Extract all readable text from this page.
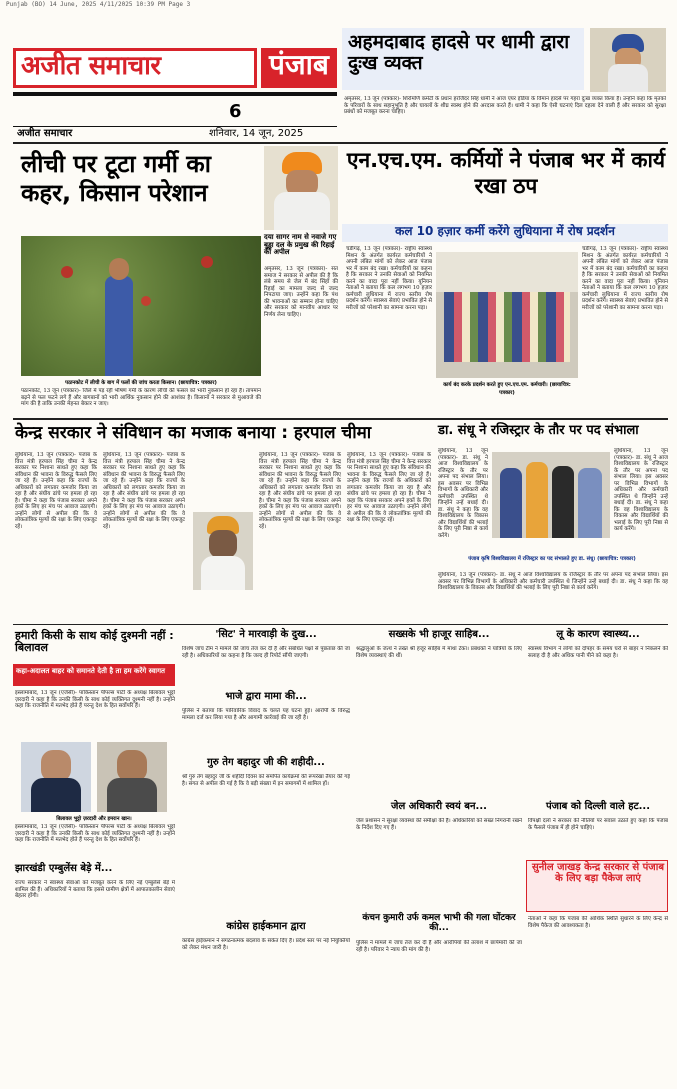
Punjab (BO) 14 June, 2025 4/11/2025 10:39 PM Page 3
अजीत समाचार	पंजाब
6
अजीत समाचार	शनिवार, 14 जून, 2025
अहमदाबाद हादसे पर धामी द्वारा दुःख व्यक्त
अमृतसर, 13 जून (पत्रकार)- शिरोमणि कमेटी के प्रधान हरजिंदर सिंह धामी ने आज एयर इंडिया के विमान हादसे पर गहरा दुःख व्यक्त किया है। उन्होंने कहा कि मृतकों के परिवारों के साथ सहानुभूति है और घायलों के शीघ्र स्वस्थ होने की अरदास करते हैं। धामी ने कहा कि ऐसी घटनाएं दिल दहला देने वाली हैं और सरकार को सुरक्षा प्रबंधों को मजबूत करना चाहिए।
लीची पर टूटा गर्मी का कहर, किसान परेशान
पठानकोट में लीची के बाग में फलों की जांच करता किसान। (छायाचित्र: पत्रकार)
पठानकोट, 13 जून (पत्रकार)- जिले में पड़ रही भीषण गर्मी के कारण लीची की फसल को भारी नुकसान हो रहा है। तापमान बढ़ने से फल फटने लगे हैं और बागबानों को भारी आर्थिक नुकसान होने की आशंका है। किसानों ने सरकार से मुआवजे की मांग की है ताकि उनकी मेहनत बेकार न जाए।
दया सागर नाम से नवाजे गए बुड्ढा दल के प्रमुख की रिहाई की अपील
अमृतसर, 13 जून (पत्रकार)- संत समाज ने सरकार से अपील की है कि लंबे समय से जेल में बंद सिंहों की रिहाई का मामला जल्द से जल्द निपटाया जाए। उन्होंने कहा कि पंथ की भावनाओं का सम्मान होना चाहिए और सरकार को मानवीय आधार पर निर्णय लेना चाहिए।
एन.एच.एम. कर्मियों ने पंजाब भर में कार्य रखा ठप
कल 10 हज़ार कर्मी करेंगे लुधियाना में रोष प्रदर्शन
चंडीगढ़, 13 जून (पत्रकार)- राष्ट्रीय स्वास्थ्य मिशन के अंतर्गत कार्यरत कर्मचारियों ने अपनी लंबित मांगों को लेकर आज पंजाब भर में काम बंद रखा। कर्मचारियों का कहना है कि सरकार ने उनकी सेवाओं को नियमित करने का वादा पूरा नहीं किया। यूनियन नेताओं ने बताया कि कल लगभग 10 हज़ार कर्मचारी लुधियाना में राज्य स्तरीय रोष प्रदर्शन करेंगे। स्वास्थ्य सेवाएं प्रभावित होने से मरीजों को परेशानी का सामना करना पड़ा।
कार्य बंद करके प्रदर्शन करते हुए एन.एच.एम. कर्मचारी। (छायाचित्र: पत्रकार)
चंडीगढ़, 13 जून (पत्रकार)- राष्ट्रीय स्वास्थ्य मिशन के अंतर्गत कार्यरत कर्मचारियों ने अपनी लंबित मांगों को लेकर आज पंजाब भर में काम बंद रखा। कर्मचारियों का कहना है कि सरकार ने उनकी सेवाओं को नियमित करने का वादा पूरा नहीं किया। यूनियन नेताओं ने बताया कि कल लगभग 10 हज़ार कर्मचारी लुधियाना में राज्य स्तरीय रोष प्रदर्शन करेंगे। स्वास्थ्य सेवाएं प्रभावित होने से मरीजों को परेशानी का सामना करना पड़ा।
केन्द्र सरकार ने संविधान का मजाक बनाया : हरपाल चीमा
लुधियाना, 13 जून (पत्रकार)- पंजाब के वित्त मंत्री हरपाल सिंह चीमा ने केन्द्र सरकार पर निशाना साधते हुए कहा कि संविधान की भावना के विरुद्ध फैसले लिए जा रहे हैं। उन्होंने कहा कि राज्यों के अधिकारों को लगातार कमजोर किया जा रहा है और संघीय ढांचे पर हमला हो रहा है। चीमा ने कहा कि पंजाब सरकार अपने हकों के लिए हर मंच पर आवाज उठाएगी। उन्होंने लोगों से अपील की कि वे लोकतांत्रिक मूल्यों की रक्षा के लिए एकजुट रहें।
लुधियाना, 13 जून (पत्रकार)- पंजाब के वित्त मंत्री हरपाल सिंह चीमा ने केन्द्र सरकार पर निशाना साधते हुए कहा कि संविधान की भावना के विरुद्ध फैसले लिए जा रहे हैं। उन्होंने कहा कि राज्यों के अधिकारों को लगातार कमजोर किया जा रहा है और संघीय ढांचे पर हमला हो रहा है। चीमा ने कहा कि पंजाब सरकार अपने हकों के लिए हर मंच पर आवाज उठाएगी। उन्होंने लोगों से अपील की कि वे लोकतांत्रिक मूल्यों की रक्षा के लिए एकजुट रहें।
लुधियाना, 13 जून (पत्रकार)- पंजाब के वित्त मंत्री हरपाल सिंह चीमा ने केन्द्र सरकार पर निशाना साधते हुए कहा कि संविधान की भावना के विरुद्ध फैसले लिए जा रहे हैं। उन्होंने कहा कि राज्यों के अधिकारों को लगातार कमजोर किया जा रहा है और संघीय ढांचे पर हमला हो रहा है। चीमा ने कहा कि पंजाब सरकार अपने हकों के लिए हर मंच पर आवाज उठाएगी। उन्होंने लोगों से अपील की कि वे लोकतांत्रिक मूल्यों की रक्षा के लिए एकजुट रहें।
लुधियाना, 13 जून (पत्रकार)- पंजाब के वित्त मंत्री हरपाल सिंह चीमा ने केन्द्र सरकार पर निशाना साधते हुए कहा कि संविधान की भावना के विरुद्ध फैसले लिए जा रहे हैं। उन्होंने कहा कि राज्यों के अधिकारों को लगातार कमजोर किया जा रहा है और संघीय ढांचे पर हमला हो रहा है। चीमा ने कहा कि पंजाब सरकार अपने हकों के लिए हर मंच पर आवाज उठाएगी। उन्होंने लोगों से अपील की कि वे लोकतांत्रिक मूल्यों की रक्षा के लिए एकजुट रहें।
डा. संधू ने रजिस्ट्रार के तौर पर पद संभाला
लुधियाना, 13 जून (पत्रकार)- डा. संधू ने आज विश्वविद्यालय के रजिस्ट्रार के तौर पर अपना पद संभाल लिया। इस अवसर पर विभिन्न विभागों के अधिकारी और कर्मचारी उपस्थित थे जिन्होंने उन्हें बधाई दी। डा. संधू ने कहा कि वह विश्वविद्यालय के विकास और विद्यार्थियों की भलाई के लिए पूरी निष्ठा से कार्य करेंगे।
पंजाब कृषि विश्वविद्यालय में रजिस्ट्रार का पद संभालते हुए डा. संधू। (छायाचित्र: पत्रकार)
लुधियाना, 13 जून (पत्रकार)- डा. संधू ने आज विश्वविद्यालय के रजिस्ट्रार के तौर पर अपना पद संभाल लिया। इस अवसर पर विभिन्न विभागों के अधिकारी और कर्मचारी उपस्थित थे जिन्होंने उन्हें बधाई दी। डा. संधू ने कहा कि वह विश्वविद्यालय के विकास और विद्यार्थियों की भलाई के लिए पूरी निष्ठा से कार्य करेंगे।
लुधियाना, 13 जून (पत्रकार)- डा. संधू ने आज विश्वविद्यालय के रजिस्ट्रार के तौर पर अपना पद संभाल लिया। इस अवसर पर विभिन्न विभागों के अधिकारी और कर्मचारी उपस्थित थे जिन्होंने उन्हें बधाई दी। डा. संधू ने कहा कि वह विश्वविद्यालय के विकास और विद्यार्थियों की भलाई के लिए पूरी निष्ठा से कार्य करेंगे।
हमारी किसी के साथ कोई दुश्मनी नहीं : बिलावल
कहा-अदालत बाहर को समानते देती है ता हम करेंगे स्वागत
इस्लामाबाद, 13 जून (एजेंसी)- पाकिस्तान पीपल्स पार्टी के अध्यक्ष बिलावल भुट्टो ज़रदारी ने कहा है कि उनकी किसी के साथ कोई व्यक्तिगत दुश्मनी नहीं है। उन्होंने कहा कि राजनीति में मतभेद होते हैं परन्तु देश के हित सर्वोपरि हैं।
बिलावल भुट्टो ज़रदारी और इमरान खान।
इस्लामाबाद, 13 जून (एजेंसी)- पाकिस्तान पीपल्स पार्टी के अध्यक्ष बिलावल भुट्टो ज़रदारी ने कहा है कि उनकी किसी के साथ कोई व्यक्तिगत दुश्मनी नहीं है। उन्होंने कहा कि राजनीति में मतभेद होते हैं परन्तु देश के हित सर्वोपरि हैं।
झारखंडी एम्बुलेंस बेड़े में...
राज्य सरकार ने स्वास्थ्य सेवाओं को मजबूत करने के लिए नई एम्बुलेंसें बेड़े में शामिल की हैं। अधिकारियों ने बताया कि इससे ग्रामीण क्षेत्रों में आपातकालीन सेवाएं बेहतर होंगी।
'सिट' ने मारवाड़ी के दुख...
विशेष जांच टीम ने मामले की जांच तेज कर दी है और संबंधित पक्षों से पूछताछ की जा रही है। अधिकारियों का कहना है कि जल्द ही रिपोर्ट सौंपी जाएगी।
भाजे द्वारा मामा की...
पुलिस ने बताया कि पारिवारिक विवाद के चलते यह घटना हुई। आरोपी के विरुद्ध मामला दर्ज कर लिया गया है और आगामी कार्रवाई की जा रही है।
गुरु तेग बहादुर जी की शहीदी...
श्री गुरु तेग बहादुर जी के शहीदी दिवस को समर्पित कार्यक्रमों की रूपरेखा तैयार की गई है। संगत से अपील की गई है कि वे बड़ी संख्या में इन समागमों में शामिल हों।
कांग्रेस हाईकमान द्वारा
कांग्रेस हाईकमान ने संगठनात्मक बदलाव के संकेत दिए हैं। प्रदेश स्तर पर नई नियुक्तियों को लेकर मंथन जारी है।
सख्सके भी हाजूर साहिब...
श्रद्धालुओं के जत्थे ने तख्त श्री हजूर साहिब में माथा टेका। प्रबंधकों ने यात्रियों के लिए विशेष व्यवस्थाएं की थीं।
जेल अधिकारी स्वयं बन...
जेल प्रशासन ने सुरक्षा व्यवस्था की समीक्षा की है। अधिकारियों को सख्त निगरानी रखने के निर्देश दिए गए हैं।
लू के कारण स्वास्थ्य...
स्वास्थ्य विभाग ने लोगों को दोपहर के समय घरों से बाहर न निकलने की सलाह दी है और अधिक पानी पीने को कहा है।
पंजाब को दिल्ली वाले हट...
विपक्षी दलों ने सरकार की नीतियों पर सवाल उठाते हुए कहा कि पंजाब के फैसले पंजाब में ही होने चाहिएं।
सुनील जाखड़ केन्द्र सरकार से पंजाब के लिए बड़ा पैकेज लाएं
नेताओं ने कहा कि पंजाब की आर्थिक स्थिति सुधारने के लिए केन्द्र से विशेष पैकेज की आवश्यकता है।
कंचन कुमारी उर्फ कमल भाभी की गला घोंटकर की...
पुलिस ने मामले में जांच तेज कर दी है और आरोपियों की तलाश में छापेमारी की जा रही है। परिवार ने न्याय की मांग की है।
